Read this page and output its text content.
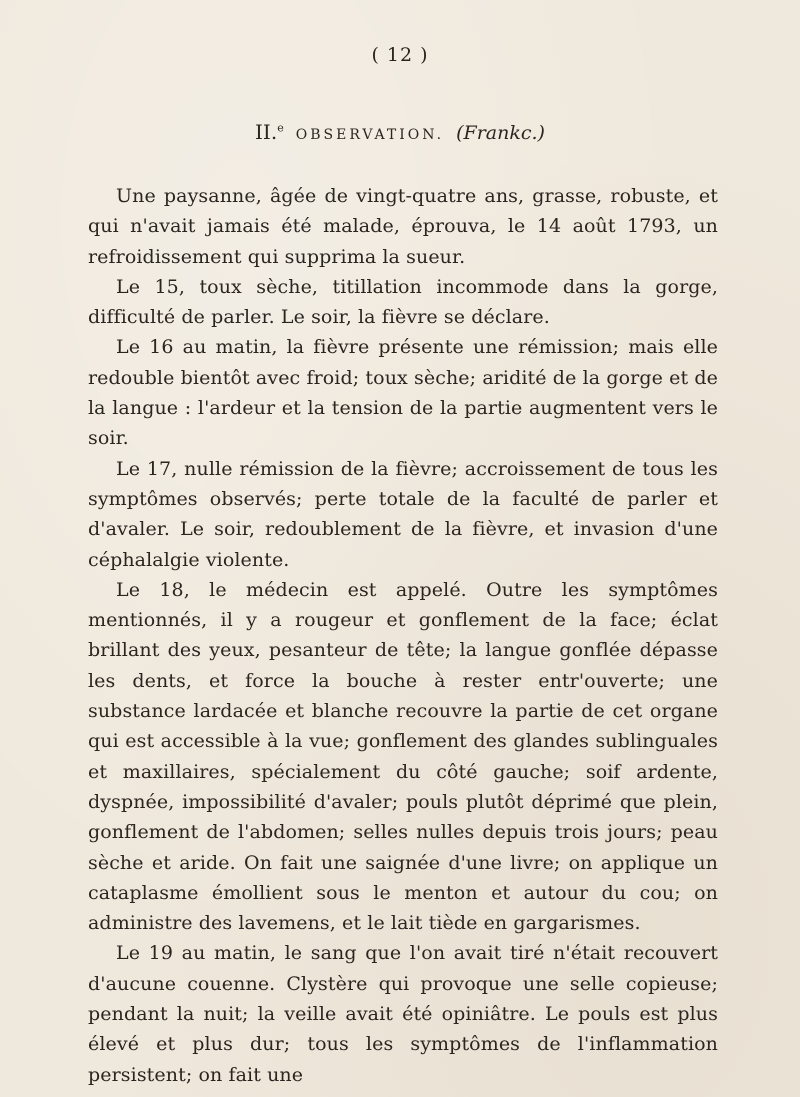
( 12 )
II.$^e$ OBSERVATION. (Frankc.)

Une paysanne, âgée de vingt-quatre ans, grasse, robuste, et qui n'avait jamais été malade, éprouva, le 14 août 1793, un refroidissement qui supprima la sueur.

Le 15, toux sèche, titillation incommode dans la gorge, difficulté de parler. Le soir, la fièvre se déclare.

Le 16 au matin, la fièvre présente une rémission; mais elle redouble bientôt avec froid; toux sèche; aridité de la gorge et de la langue : l'ardeur et la tension de la partie augmentent vers le soir.

Le 17, nulle rémission de la fièvre; accroissement de tous les symptômes observés; perte totale de la faculté de parler et d'avaler. Le soir, redoublement de la fièvre, et invasion d'une céphalalgie violente.

Le 18, le médecin est appelé. Outre les symptômes mentionnés, il y a rougeur et gonflement de la face; éclat brillant des yeux, pesanteur de tête; la langue gonflée dépasse les dents, et force la bouche à rester entr'ouverte; une substance lardacée et blanche recouvre la partie de cet organe qui est accessible à la vue; gonflement des glandes sublinguales et maxillaires, spécialement du côté gauche; soif ardente, dyspnée, impossibilité d'avaler; pouls plutôt déprimé que plein, gonflement de l'abdomen; selles nulles depuis trois jours; peau sèche et aride. On fait une saignée d'une livre; on applique un cataplasme émollient sous le menton et autour du cou; on administre des lavemens, et le lait tiède en gargarismes.

Le 19 au matin, le sang que l'on avait tiré n'était recouvert d'aucune couenne. Clystère qui provoque une selle copieuse; pendant la nuit; la veille avait été opiniâtre. Le pouls est plus élevé et plus dur; tous les symptômes de l'inflammation persistent; on fait une
